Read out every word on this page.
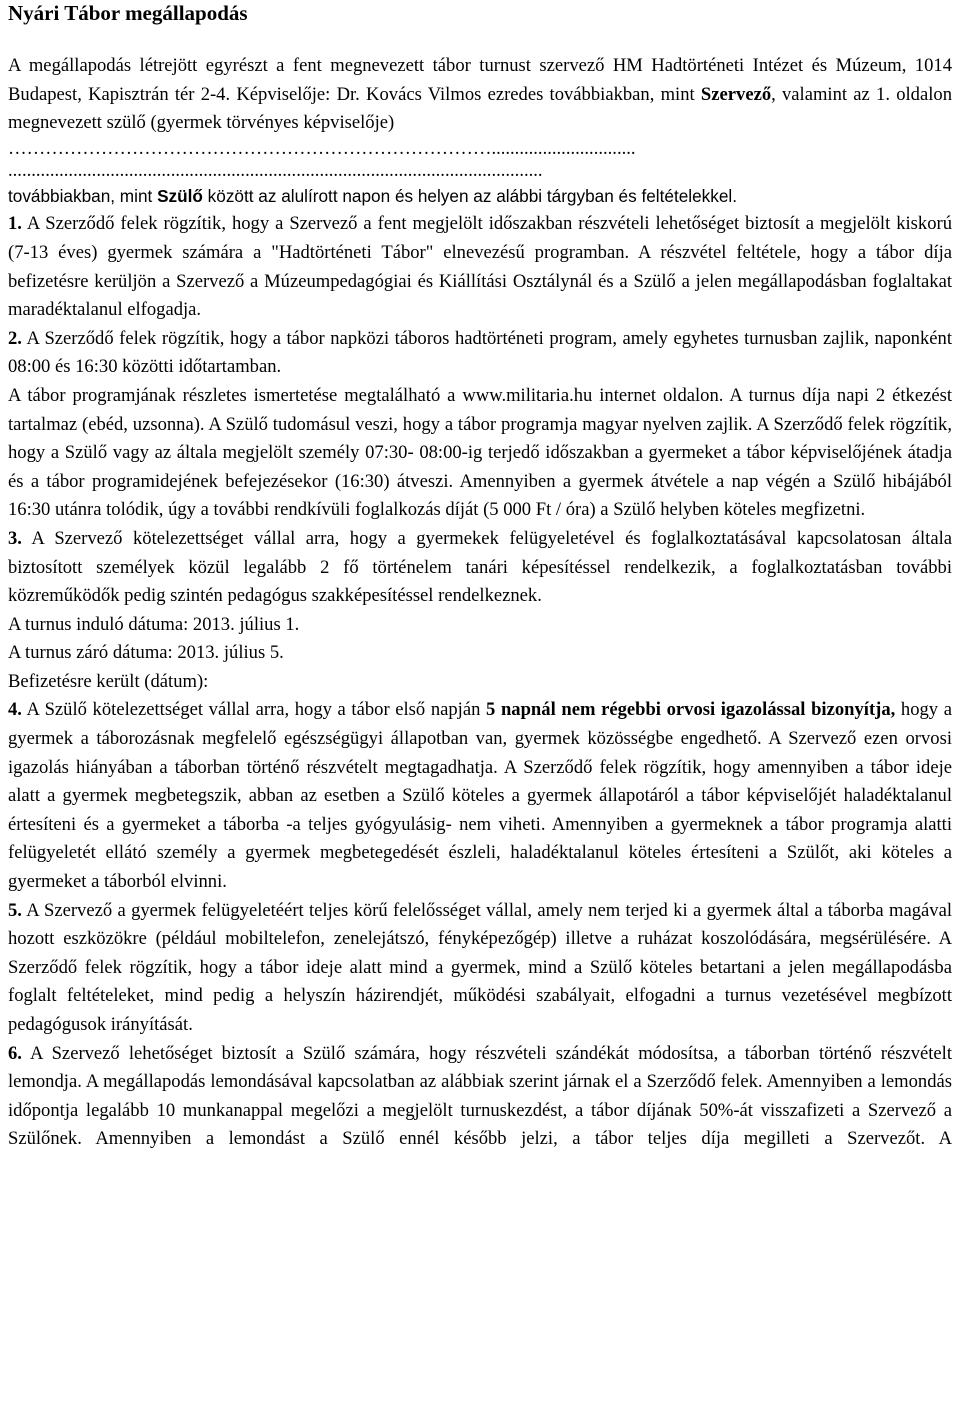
Nyári Tábor megállapodás

A megállapodás létrejött egyrészt a fent megnevezett tábor turnust szervező HM Hadtörténeti Intézet és Múzeum, 1014 Budapest, Kapisztrán tér 2-4. Képviselője: Dr. Kovács Vilmos ezredes továbbiakban, mint Szervező, valamint az 1. oldalon megnevezett szülő (gyermek törvényes képviselője)

……………………………………………………………………...............................

...................................................................................................................

továbbiakban, mint Szülő között az alulírott napon és helyen az alábbi tárgyban és feltételekkel.

1. A Szerződő felek rögzítik, hogy a Szervező a fent megjelölt időszakban részvételi lehetőséget biztosít a megjelölt kiskorú (7-13 éves) gyermek számára a "Hadtörténeti Tábor" elnevezésű programban. A részvétel feltétele, hogy a tábor díja befizetésre kerüljön a Szervező a Múzeumpedagógiai és Kiállítási Osztálynál és a Szülő a jelen megállapodásban foglaltakat maradéktalanul elfogadja.

2. A Szerződő felek rögzítik, hogy a tábor napközi táboros hadtörténeti program, amely egyhetes turnusban zajlik, naponként 08:00 és 16:30 közötti időtartamban.

A tábor programjának részletes ismertetése megtalálható a www.militaria.hu internet oldalon. A turnus díja napi 2 étkezést tartalmaz (ebéd, uzsonna). A Szülő tudomásul veszi, hogy a tábor programja magyar nyelven zajlik. A Szerződő felek rögzítik, hogy a Szülő vagy az általa megjelölt személy 07:30- 08:00-ig terjedő időszakban a gyermeket a tábor képviselőjének átadja és a tábor programidejének befejezésekor (16:30) átveszi. Amennyiben a gyermek átvétele a nap végén a Szülő hibájából 16:30 utánra tolódik, úgy a további rendkívüli foglalkozás díját (5 000 Ft / óra) a Szülő helyben köteles megfizetni.

3. A Szervező kötelezettséget vállal arra, hogy a gyermekek felügyeletével és foglalkoztatásával kapcsolatosan általa biztosított személyek közül legalább 2 fő történelem tanári képesítéssel rendelkezik, a foglalkoztatásban további közreműködők pedig szintén pedagógus szakképesítéssel rendelkeznek.

A turnus induló dátuma: 2013. július 1.

A turnus záró dátuma: 2013. július 5.

Befizetésre került (dátum):

4. A Szülő kötelezettséget vállal arra, hogy a tábor első napján 5 napnál nem régebbi orvosi igazolással bizonyítja, hogy a gyermek a táborozásnak megfelelő egészségügyi állapotban van, gyermek közösségbe engedhető. A Szervező ezen orvosi igazolás hiányában a táborban történő részvételt megtagadhatja. A Szerződő felek rögzítik, hogy amennyiben a tábor ideje alatt a gyermek megbetegszik, abban az esetben a Szülő köteles a gyermek állapotáról a tábor képviselőjét haladéktalanul értesíteni és a gyermeket a táborba -a teljes gyógyulásig- nem viheti. Amennyiben a gyermeknek a tábor programja alatti felügyeletét ellátó személy a gyermek megbetegedését észleli, haladéktalanul köteles értesíteni a Szülőt, aki köteles a gyermeket a táborból elvinni.

5. A Szervező a gyermek felügyeletéért teljes körű felelősséget vállal, amely nem terjed ki a gyermek által a táborba magával hozott eszközökre (például mobiltelefon, zenelejátszó, fényképezőgép) illetve a ruházat koszolódására, megsérülésére. A Szerződő felek rögzítik, hogy a tábor ideje alatt mind a gyermek, mind a Szülő köteles betartani a jelen megállapodásba foglalt feltételeket, mind pedig a helyszín házirendjét, működési szabályait, elfogadni a turnus vezetésével megbízott pedagógusok irányítását.

6. A Szervező lehetőséget biztosít a Szülő számára, hogy részvételi szándékát módosítsa, a táborban történő részvételt lemondja. A megállapodás lemondásával kapcsolatban az alábbiak szerint járnak el a Szerződő felek. Amennyiben a lemondás időpontja legalább 10 munkanappal megelőzi a megjelölt turnuskezdést, a tábor díjának 50%-át visszafizeti a Szervező a Szülőnek. Amennyiben a lemondást a Szülő ennél később jelzi, a tábor teljes díja megilleti a Szervezőt. A
